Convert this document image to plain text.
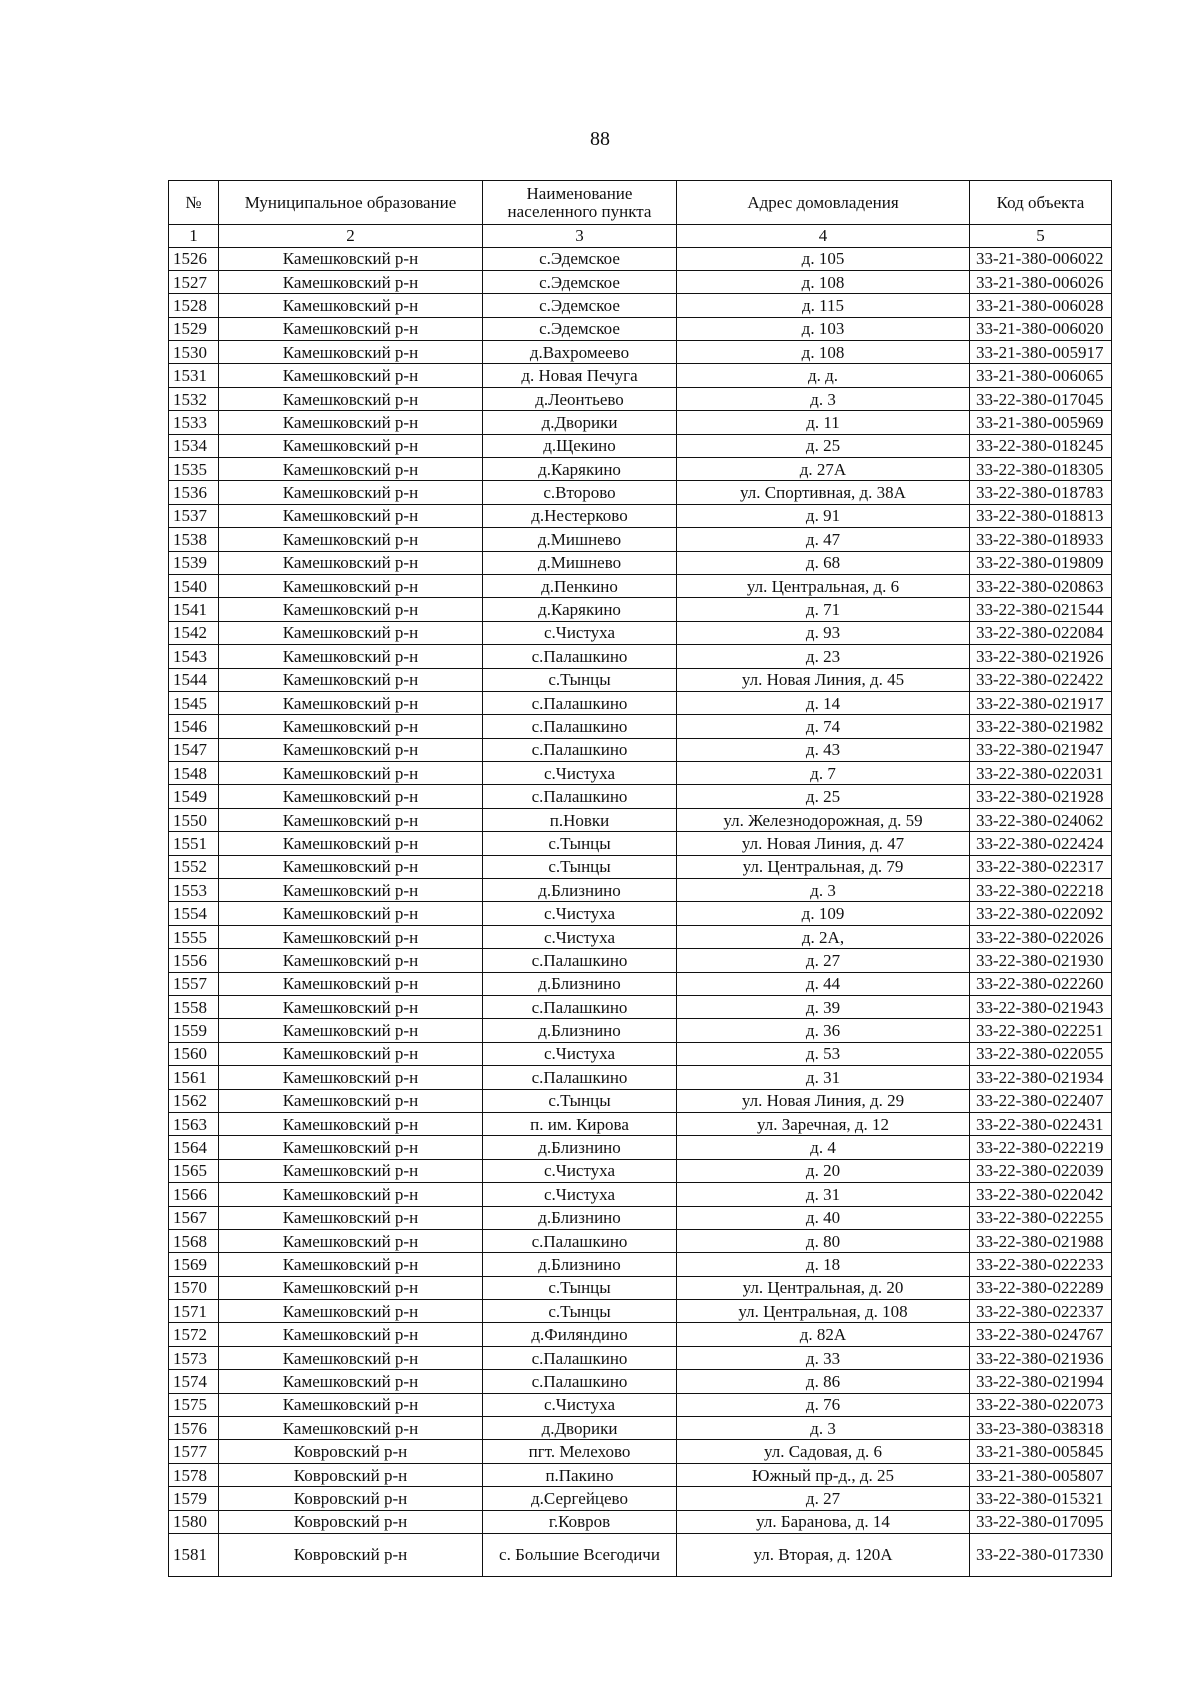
88
№	Муниципальное образование	Наименование населенного пункта	Адрес домовладения	Код объекта
1	2	3	4	5
1526	Камешковский р-н	с.Эдемское	д. 105	33-21-380-006022
1527	Камешковский р-н	с.Эдемское	д. 108	33-21-380-006026
1528	Камешковский р-н	с.Эдемское	д. 115	33-21-380-006028
1529	Камешковский р-н	с.Эдемское	д. 103	33-21-380-006020
1530	Камешковский р-н	д.Вахромеево	д. 108	33-21-380-005917
1531	Камешковский р-н	д. Новая Печуга	д. д.	33-21-380-006065
1532	Камешковский р-н	д.Леонтьево	д. 3	33-22-380-017045
1533	Камешковский р-н	д.Дворики	д. 11	33-21-380-005969
1534	Камешковский р-н	д.Щекино	д. 25	33-22-380-018245
1535	Камешковский р-н	д.Карякино	д. 27А	33-22-380-018305
1536	Камешковский р-н	с.Второво	ул. Спортивная, д. 38А	33-22-380-018783
1537	Камешковский р-н	д.Нестерково	д. 91	33-22-380-018813
1538	Камешковский р-н	д.Мишнево	д. 47	33-22-380-018933
1539	Камешковский р-н	д.Мишнево	д. 68	33-22-380-019809
1540	Камешковский р-н	д.Пенкино	ул. Центральная, д. 6	33-22-380-020863
1541	Камешковский р-н	д.Карякино	д. 71	33-22-380-021544
1542	Камешковский р-н	с.Чистуха	д. 93	33-22-380-022084
1543	Камешковский р-н	с.Палашкино	д. 23	33-22-380-021926
1544	Камешковский р-н	с.Тынцы	ул. Новая Линия, д. 45	33-22-380-022422
1545	Камешковский р-н	с.Палашкино	д. 14	33-22-380-021917
1546	Камешковский р-н	с.Палашкино	д. 74	33-22-380-021982
1547	Камешковский р-н	с.Палашкино	д. 43	33-22-380-021947
1548	Камешковский р-н	с.Чистуха	д. 7	33-22-380-022031
1549	Камешковский р-н	с.Палашкино	д. 25	33-22-380-021928
1550	Камешковский р-н	п.Новки	ул. Железнодорожная, д. 59	33-22-380-024062
1551	Камешковский р-н	с.Тынцы	ул. Новая Линия, д. 47	33-22-380-022424
1552	Камешковский р-н	с.Тынцы	ул. Центральная, д. 79	33-22-380-022317
1553	Камешковский р-н	д.Близнино	д. 3	33-22-380-022218
1554	Камешковский р-н	с.Чистуха	д. 109	33-22-380-022092
1555	Камешковский р-н	с.Чистуха	д. 2А,	33-22-380-022026
1556	Камешковский р-н	с.Палашкино	д. 27	33-22-380-021930
1557	Камешковский р-н	д.Близнино	д. 44	33-22-380-022260
1558	Камешковский р-н	с.Палашкино	д. 39	33-22-380-021943
1559	Камешковский р-н	д.Близнино	д. 36	33-22-380-022251
1560	Камешковский р-н	с.Чистуха	д. 53	33-22-380-022055
1561	Камешковский р-н	с.Палашкино	д. 31	33-22-380-021934
1562	Камешковский р-н	с.Тынцы	ул. Новая Линия, д. 29	33-22-380-022407
1563	Камешковский р-н	п. им. Кирова	ул. Заречная, д. 12	33-22-380-022431
1564	Камешковский р-н	д.Близнино	д. 4	33-22-380-022219
1565	Камешковский р-н	с.Чистуха	д. 20	33-22-380-022039
1566	Камешковский р-н	с.Чистуха	д. 31	33-22-380-022042
1567	Камешковский р-н	д.Близнино	д. 40	33-22-380-022255
1568	Камешковский р-н	с.Палашкино	д. 80	33-22-380-021988
1569	Камешковский р-н	д.Близнино	д. 18	33-22-380-022233
1570	Камешковский р-н	с.Тынцы	ул. Центральная, д. 20	33-22-380-022289
1571	Камешковский р-н	с.Тынцы	ул. Центральная, д. 108	33-22-380-022337
1572	Камешковский р-н	д.Филяндино	д. 82А	33-22-380-024767
1573	Камешковский р-н	с.Палашкино	д. 33	33-22-380-021936
1574	Камешковский р-н	с.Палашкино	д. 86	33-22-380-021994
1575	Камешковский р-н	с.Чистуха	д. 76	33-22-380-022073
1576	Камешковский р-н	д.Дворики	д. 3	33-23-380-038318
1577	Ковровский р-н	пгт. Мелехово	ул. Садовая, д. 6	33-21-380-005845
1578	Ковровский р-н	п.Пакино	Южный пр-д., д. 25	33-21-380-005807
1579	Ковровский р-н	д.Сергейцево	д. 27	33-22-380-015321
1580	Ковровский р-н	г.Ковров	ул. Баранова, д. 14	33-22-380-017095
1581	Ковровский р-н	с. Большие Всегодичи	ул. Вторая, д. 120А	33-22-380-017330
